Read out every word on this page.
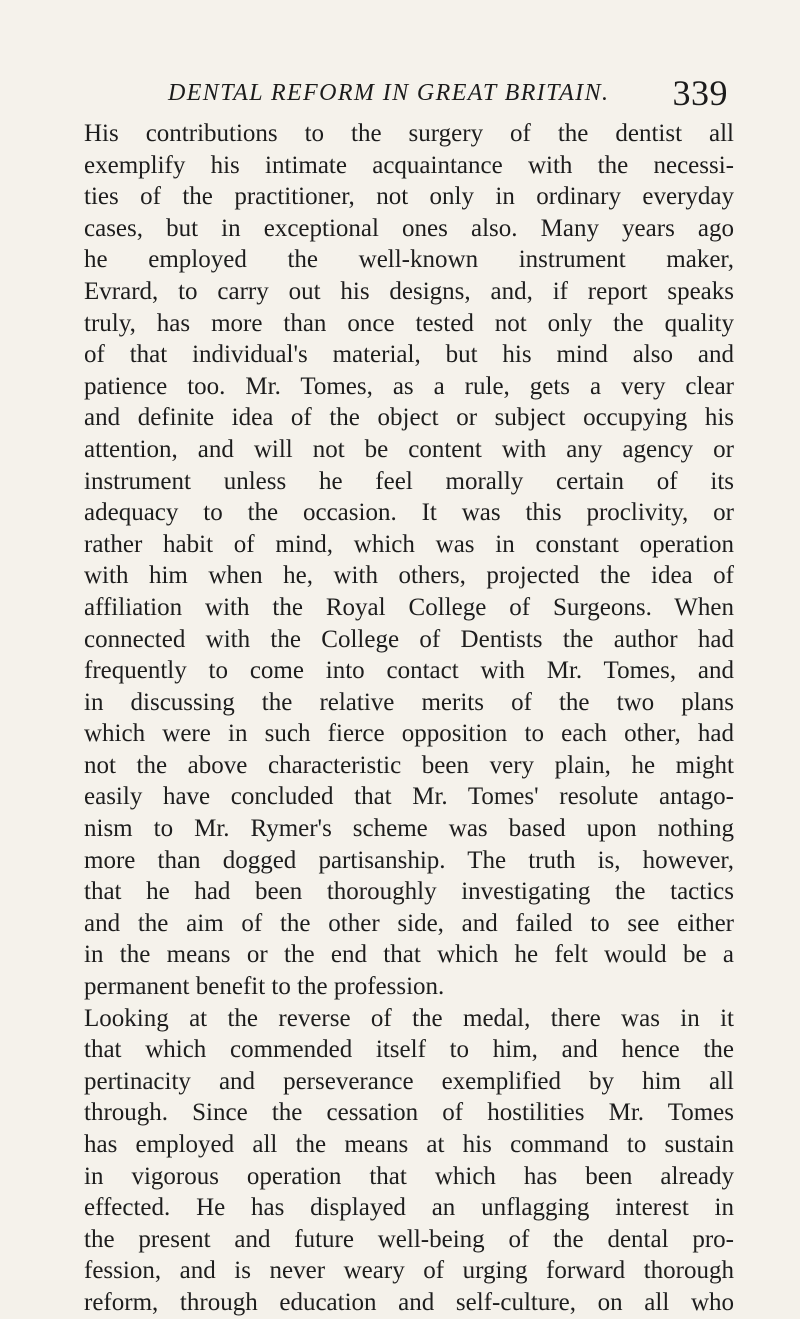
DENTAL REFORM IN GREAT BRITAIN. 339
His contributions to the surgery of the dentist all
exemplify his intimate acquaintance with the necessi-
ties of the practitioner, not only in ordinary everyday
cases, but in exceptional ones also. Many years ago
he employed the well-known instrument maker,
Evrard, to carry out his designs, and, if report speaks
truly, has more than once tested not only the quality
of that individual's material, but his mind also and
patience too. Mr. Tomes, as a rule, gets a very clear
and definite idea of the object or subject occupying his
attention, and will not be content with any agency or
instrument unless he feel morally certain of its
adequacy to the occasion. It was this proclivity, or
rather habit of mind, which was in constant operation
with him when he, with others, projected the idea of
affiliation with the Royal College of Surgeons. When
connected with the College of Dentists the author had
frequently to come into contact with Mr. Tomes, and
in discussing the relative merits of the two plans
which were in such fierce opposition to each other, had
not the above characteristic been very plain, he might
easily have concluded that Mr. Tomes' resolute antago-
nism to Mr. Rymer's scheme was based upon nothing
more than dogged partisanship. The truth is, however,
that he had been thoroughly investigating the tactics
and the aim of the other side, and failed to see either
in the means or the end that which he felt would be a
permanent benefit to the profession.
Looking at the reverse of the medal, there was in it
that which commended itself to him, and hence the
pertinacity and perseverance exemplified by him all
through. Since the cessation of hostilities Mr. Tomes
has employed all the means at his command to sustain
in vigorous operation that which has been already
effected. He has displayed an unflagging interest in
the present and future well-being of the dental pro-
fession, and is never weary of urging forward thorough
reform, through education and self-culture, on all who
